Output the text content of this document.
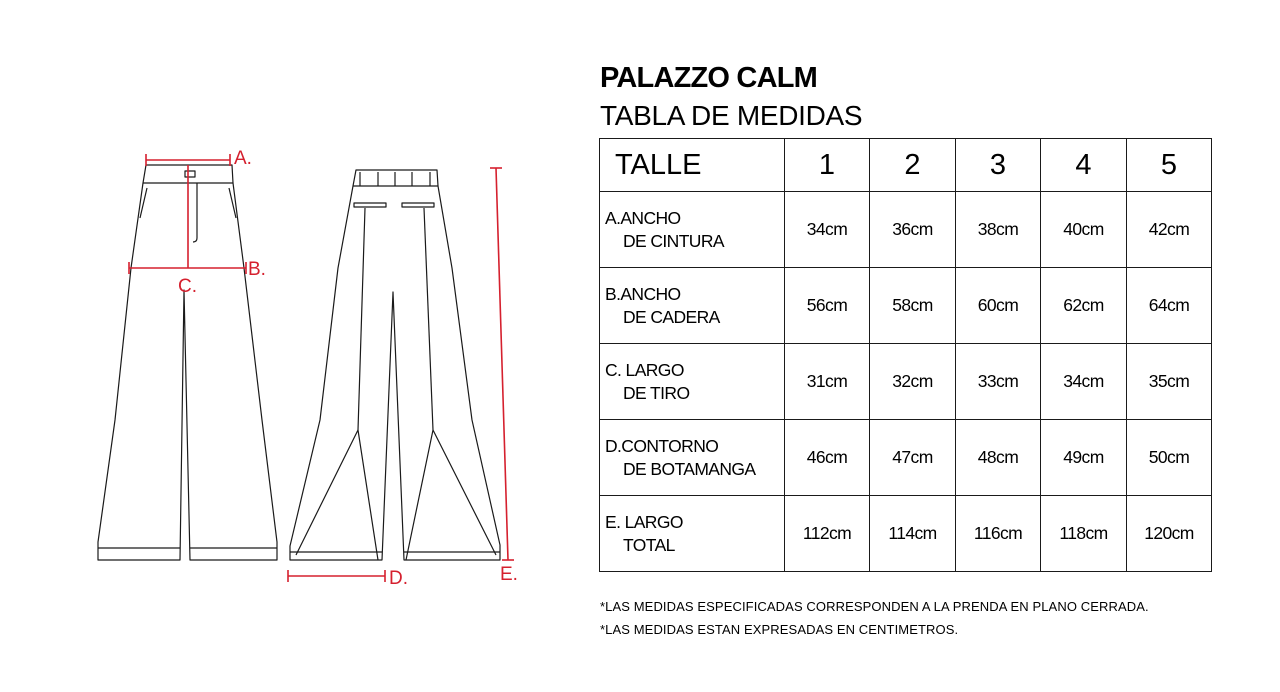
A.
B.
C.
D.	E.
PALAZZO CALM
TABLA DE MEDIDAS
TALLE	1	2	3	4	5
A.ANCHO
DE CINTURA	34cm	36cm	38cm	40cm	42cm
B.ANCHO
DE CADERA	56cm	58cm	60cm	62cm	64cm
C. LARGO
DE TIRO	31cm	32cm	33cm	34cm	35cm
D.CONTORNO
DE BOTAMANGA	46cm	47cm	48cm	49cm	50cm
E. LARGO
TOTAL	112cm	114cm	116cm	118cm	120cm
*LAS MEDIDAS ESPECIFICADAS CORRESPONDEN A LA PRENDA EN PLANO CERRADA.
*LAS MEDIDAS ESTAN EXPRESADAS EN CENTIMETROS.
